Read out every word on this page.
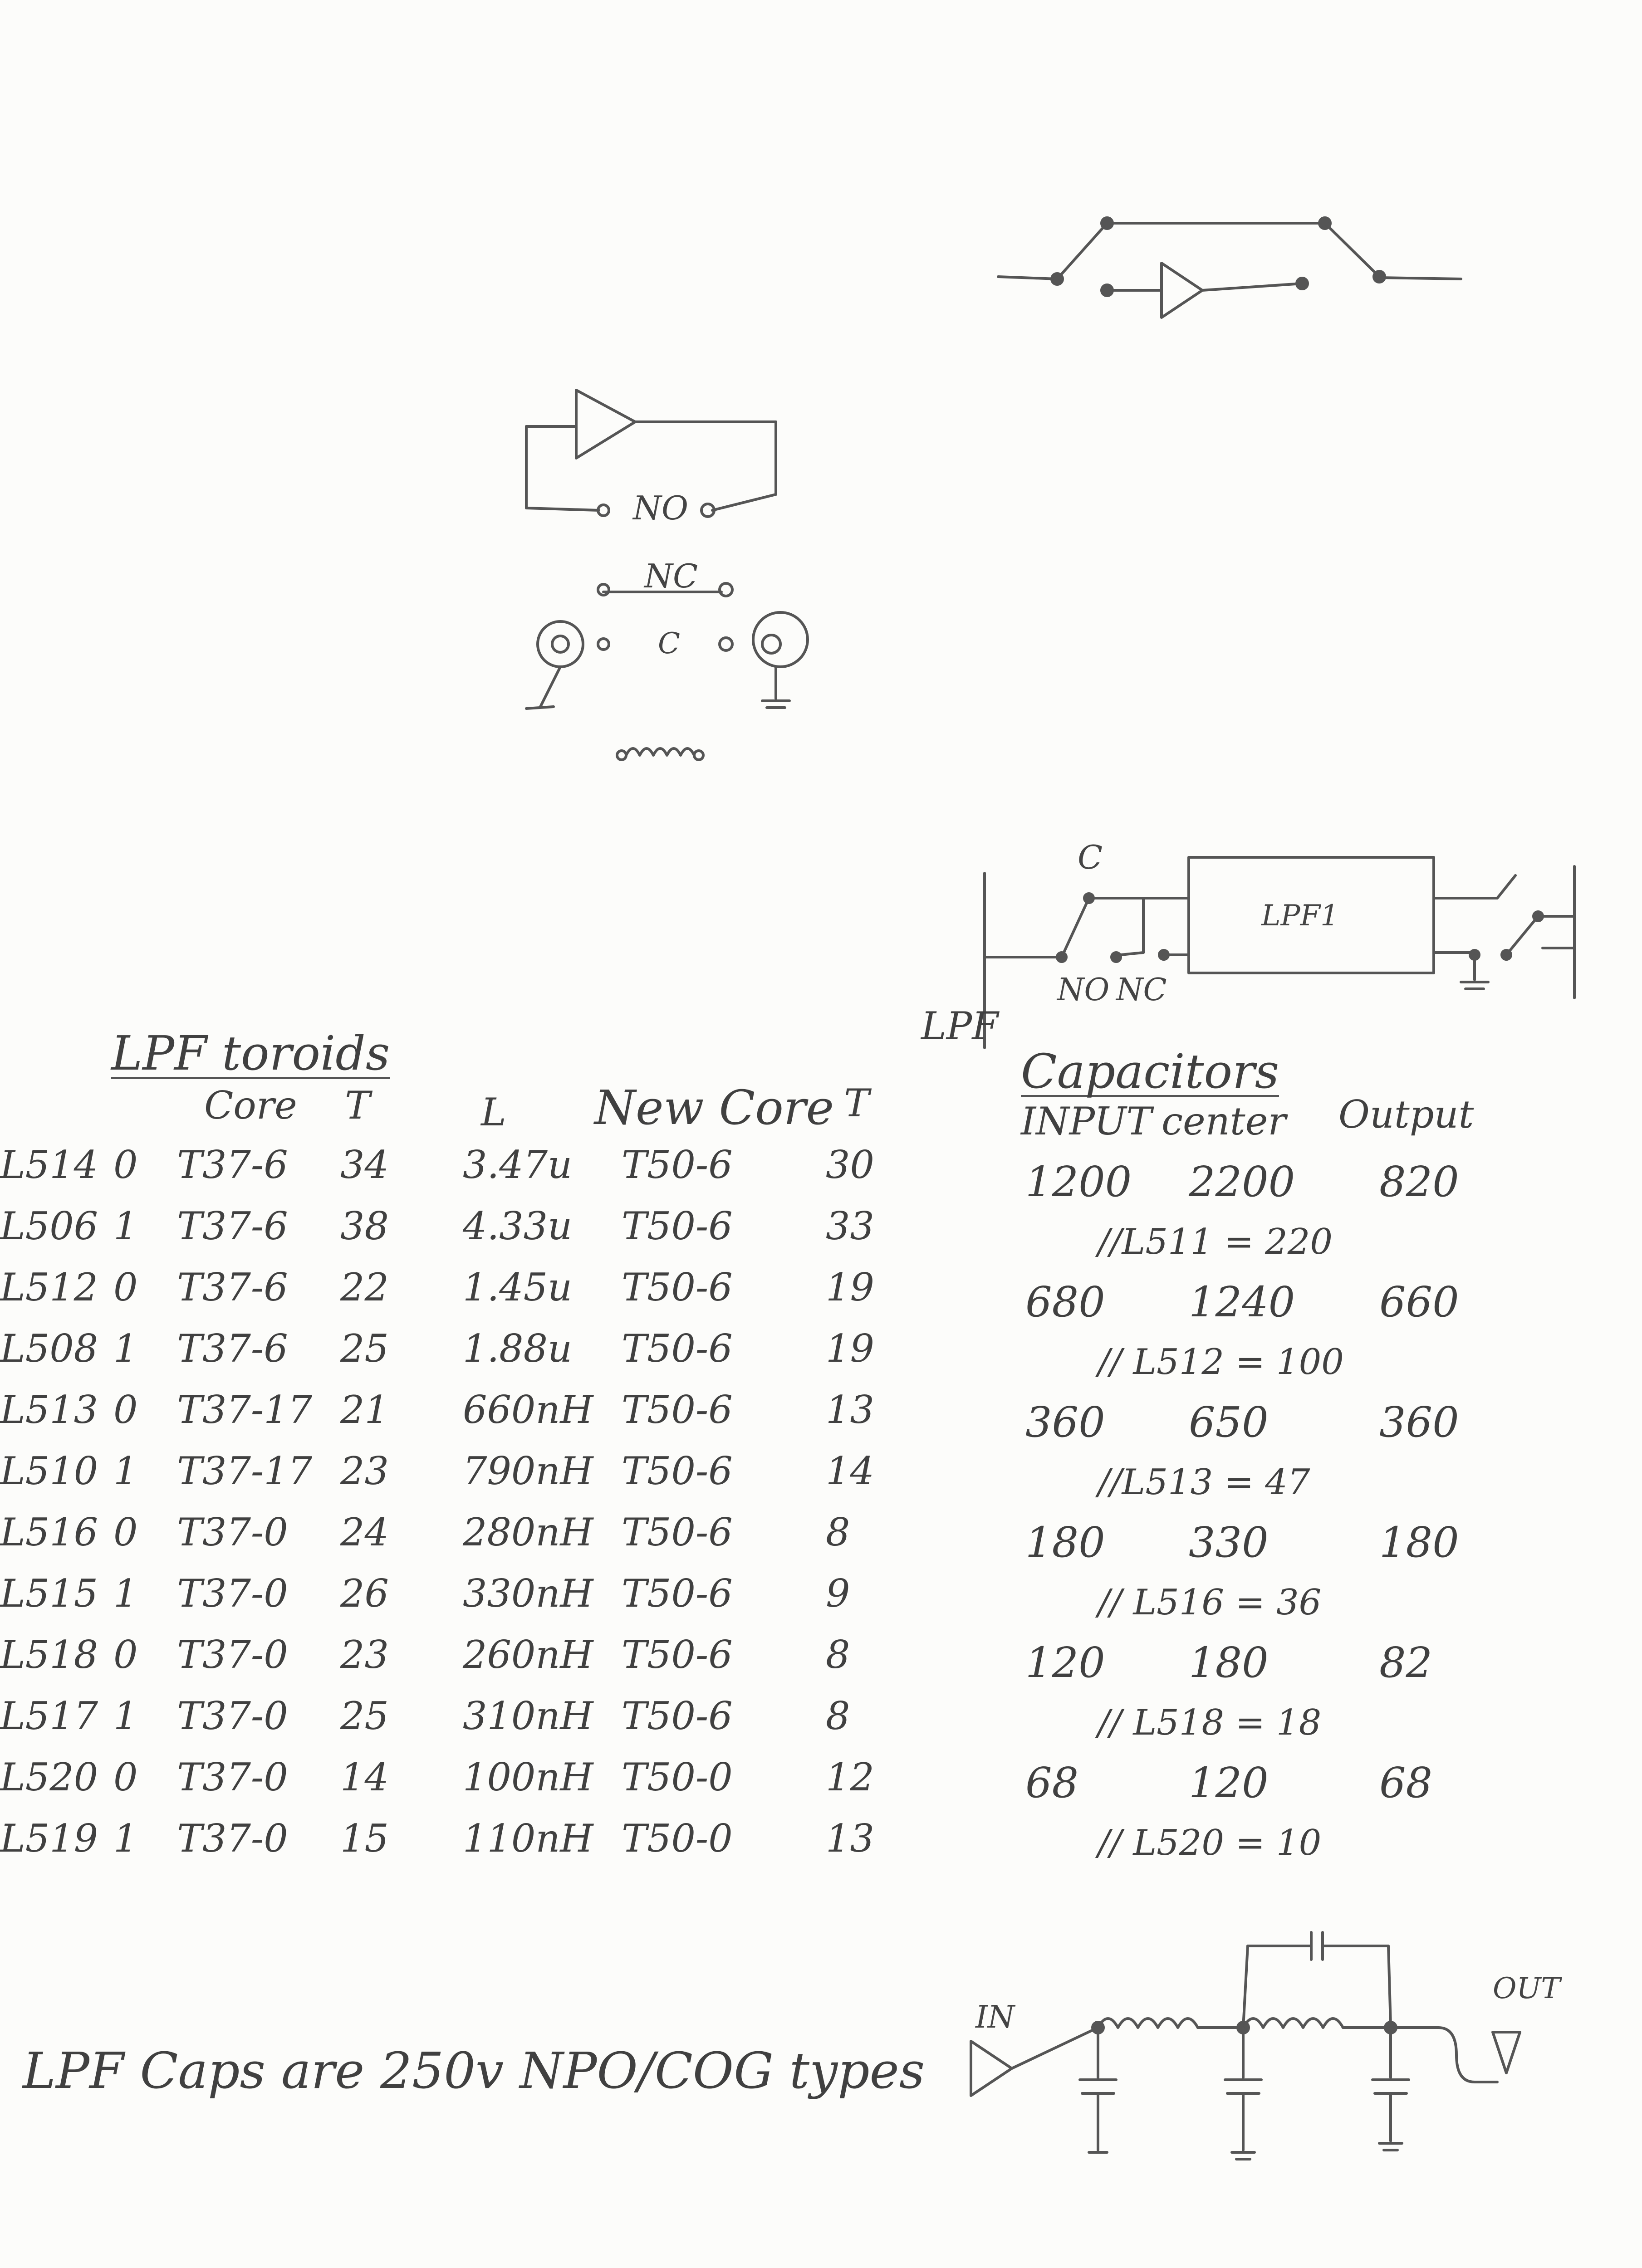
NO
NC
C
C
LPF1
NO NC
LPF
LPF toroids
Core T	L New Core T
L514	0	T37-6	34	3.47u	T50-6	30
L506	1	T37-6	38	4.33u	T50-6	33
L512	0	T37-6	22	1.45u	T50-6	19
L508	1	T37-6	25	1.88u	T50-6	19
L513	0	T37-17	21	660nH	T50-6	13
L510	1	T37-17	23	790nH	T50-6	14
L516	0	T37-0	24	280nH	T50-6	8
L515	1	T37-0	26	330nH	T50-6	9
L518	0	T37-0	23	260nH	T50-6	8
L517	1	T37-0	25	310nH	T50-6	8
L520	0	T37-0	14	100nH	T50-0	12
L519	1	T37-0	15	110nH	T50-0	13
Capacitors
INPUT center Output
1200	2200	820
//L511 = 220		
680	1240	660
// L512 = 100		
360	650	360
//L513 = 47		
180	330	180
// L516 = 36		
120	180	82
// L518 = 18		
68	120	68
// L520 = 10		
LPF Caps are 250v NPO/COG types
IN
OUT
